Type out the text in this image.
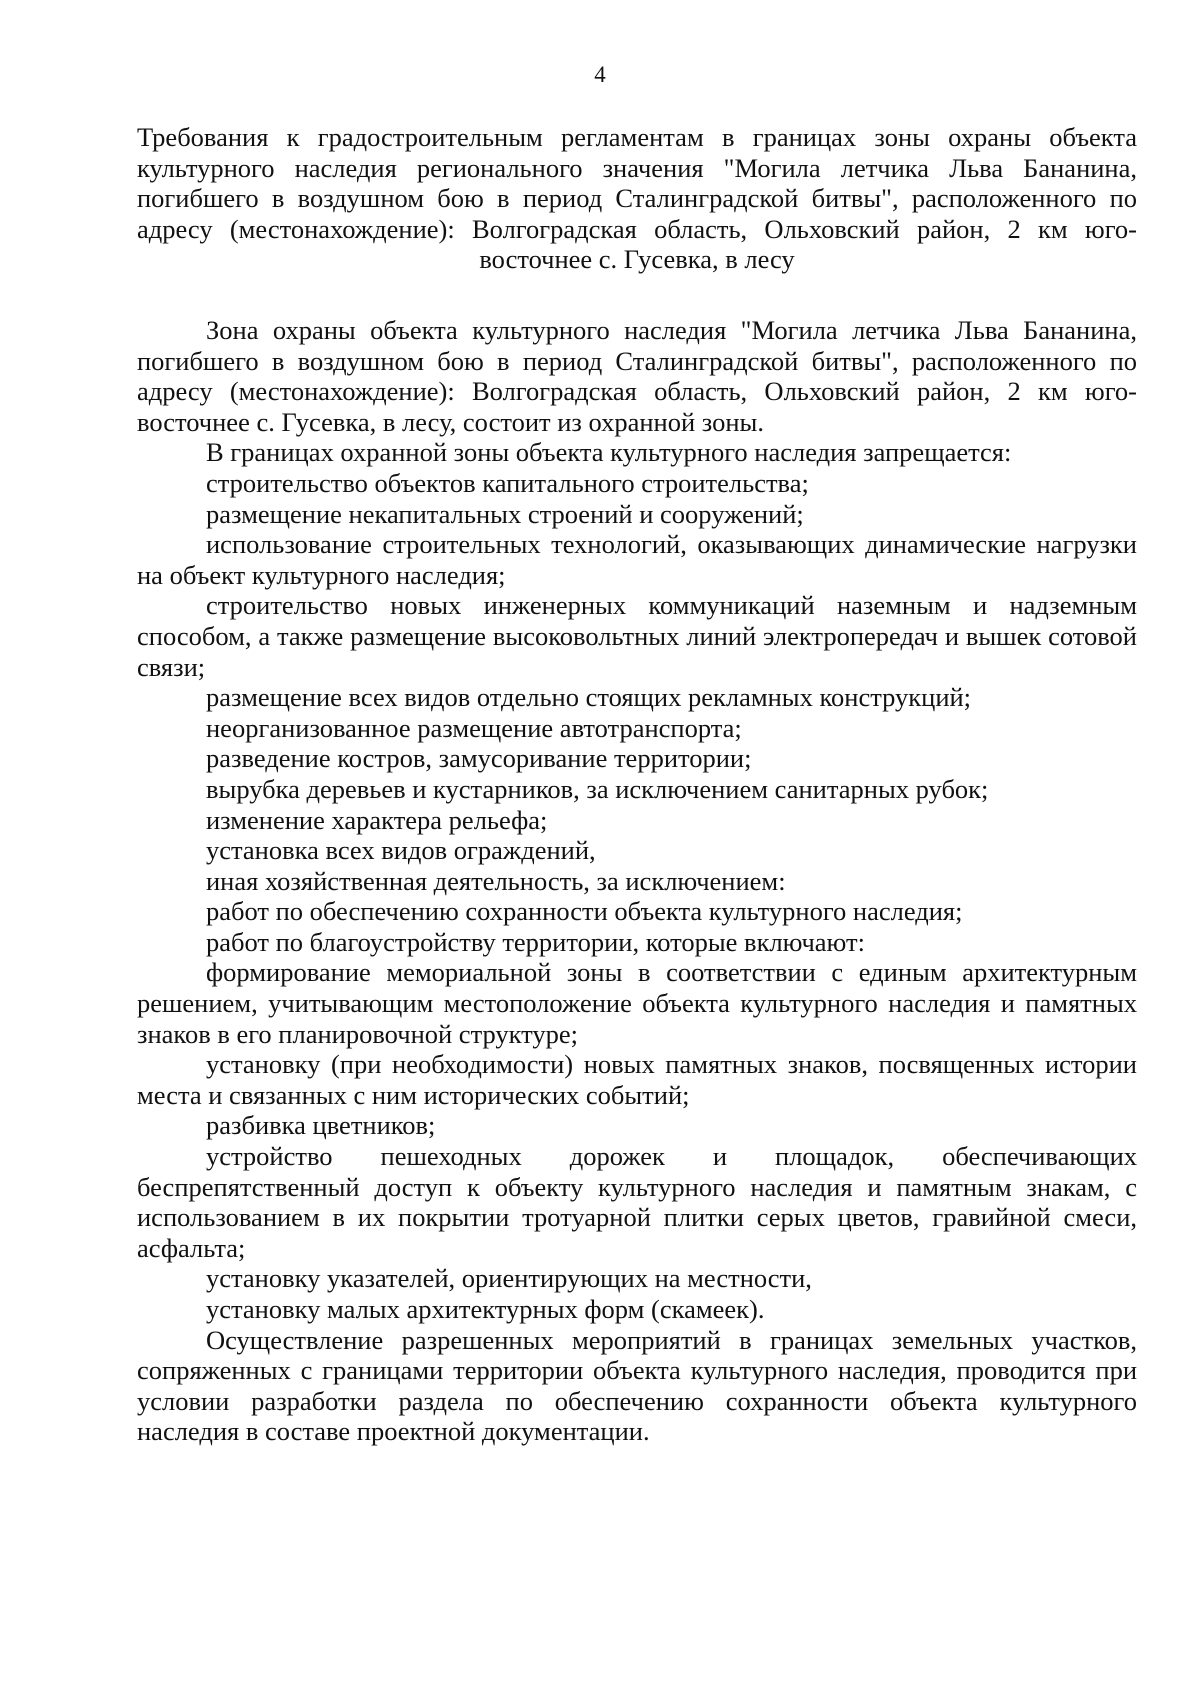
4
Требования к градостроительным регламентам в границах зоны охраны объекта культурного наследия регионального значения "Могила летчика Льва Бананина, погибшего в воздушном бою в период Сталинградской битвы", расположенного по адресу (местонахождение): Волгоградская область, Ольховский район, 2 км юго-восточнее с. Гусевка, в лесу

Зона охраны объекта культурного наследия "Могила летчика Льва Бананина, погибшего в воздушном бою в период Сталинградской битвы", расположенного по адресу (местонахождение): Волгоградская область, Ольховский район, 2 км юго-восточнее с. Гусевка, в лесу, состоит из охранной зоны.

В границах охранной зоны объекта культурного наследия запрещается:

строительство объектов капитального строительства;

размещение некапитальных строений и сооружений;

использование строительных технологий, оказывающих динамические нагрузки на объект культурного наследия;

строительство новых инженерных коммуникаций наземным и надземным способом, а также размещение высоковольтных линий электропередач и вышек сотовой связи;

размещение всех видов отдельно стоящих рекламных конструкций;

неорганизованное размещение автотранспорта;

разведение костров, замусоривание территории;

вырубка деревьев и кустарников, за исключением санитарных рубок;

изменение характера рельефа;

установка всех видов ограждений,

иная хозяйственная деятельность, за исключением:

работ по обеспечению сохранности объекта культурного наследия;

работ по благоустройству территории, которые включают:

формирование мемориальной зоны в соответствии с единым архитектурным решением, учитывающим местоположение объекта культурного наследия и памятных знаков в его планировочной структуре;

установку (при необходимости) новых памятных знаков, посвященных истории места и связанных с ним исторических событий;

разбивка цветников;

устройство пешеходных дорожек и площадок, обеспечивающих беспрепятственный доступ к объекту культурного наследия и памятным знакам, с использованием в их покрытии тротуарной плитки серых цветов, гравийной смеси, асфальта;

установку указателей, ориентирующих на местности,

установку малых архитектурных форм (скамеек).

Осуществление разрешенных мероприятий в границах земельных участков, сопряженных с границами территории объекта культурного наследия, проводится при условии разработки раздела по обеспечению сохранности объекта культурного наследия в составе проектной документации.
